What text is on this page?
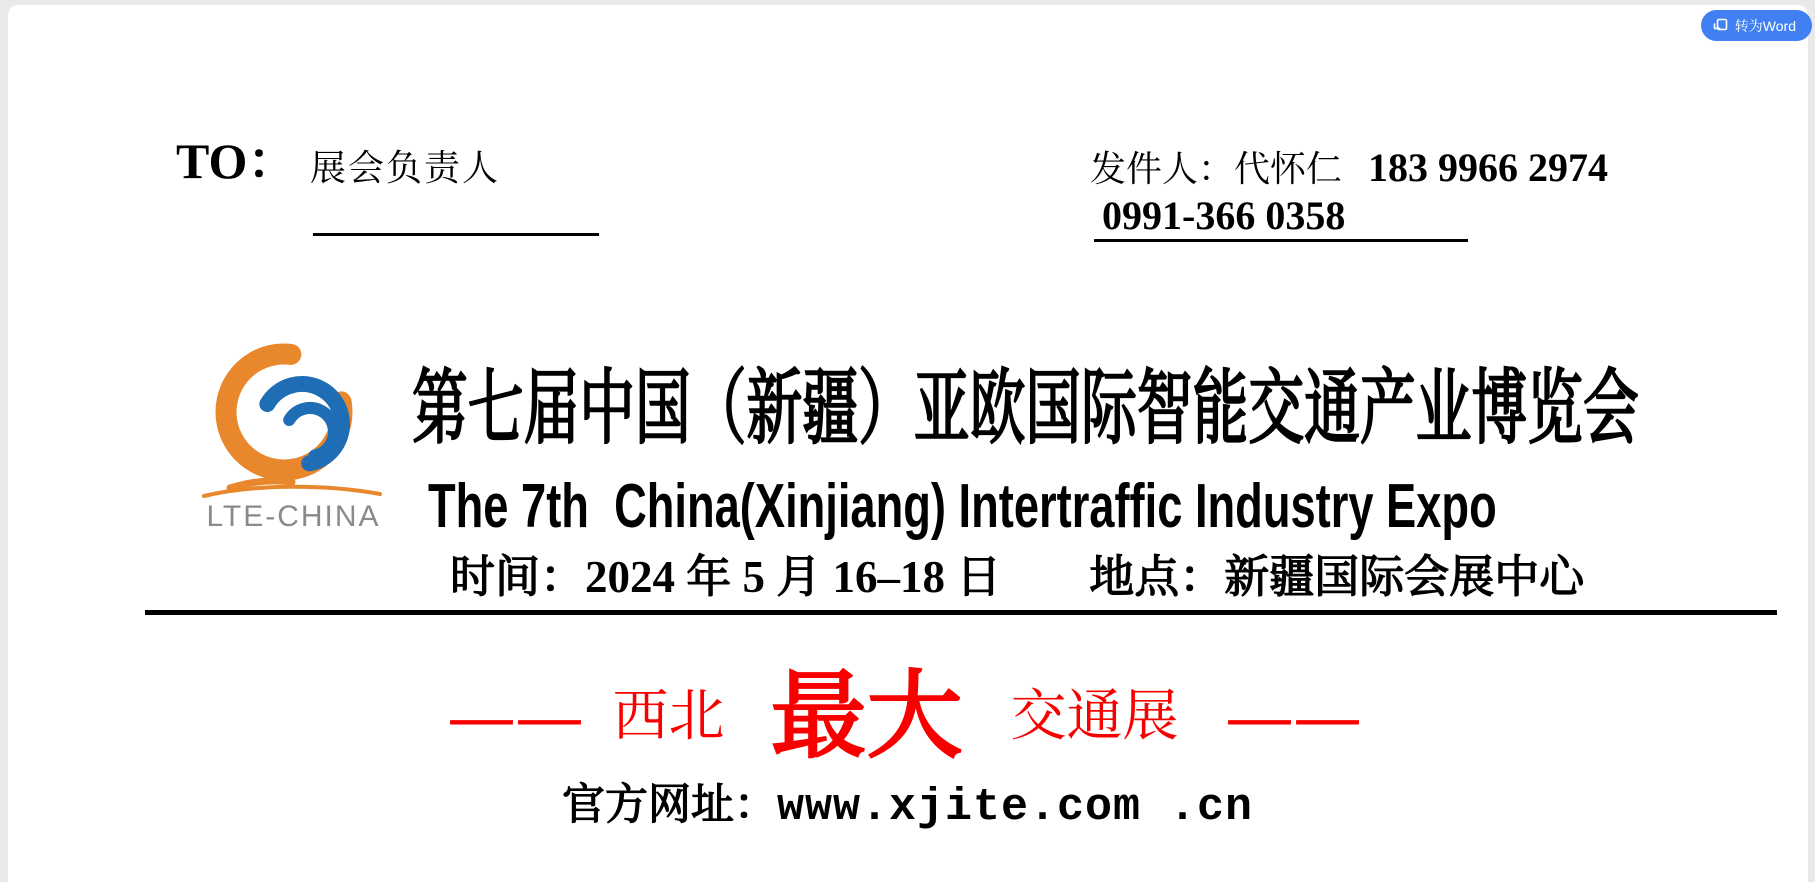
转为Word
TO： 展会负责人	发件人：代怀仁 183 9966 2974
0991-366 0358
LTE-CHINA
第七届中国（新疆）亚欧国际智能交通产业博览会
The 7th  China(Xinjiang) Intertraffic Industry Expo
时间：2024 年 5 月 16–18 日 地点：新疆国际会展中心
—— 西北 最大 交通展 ——
官方网址： www.xjite.com .cn
